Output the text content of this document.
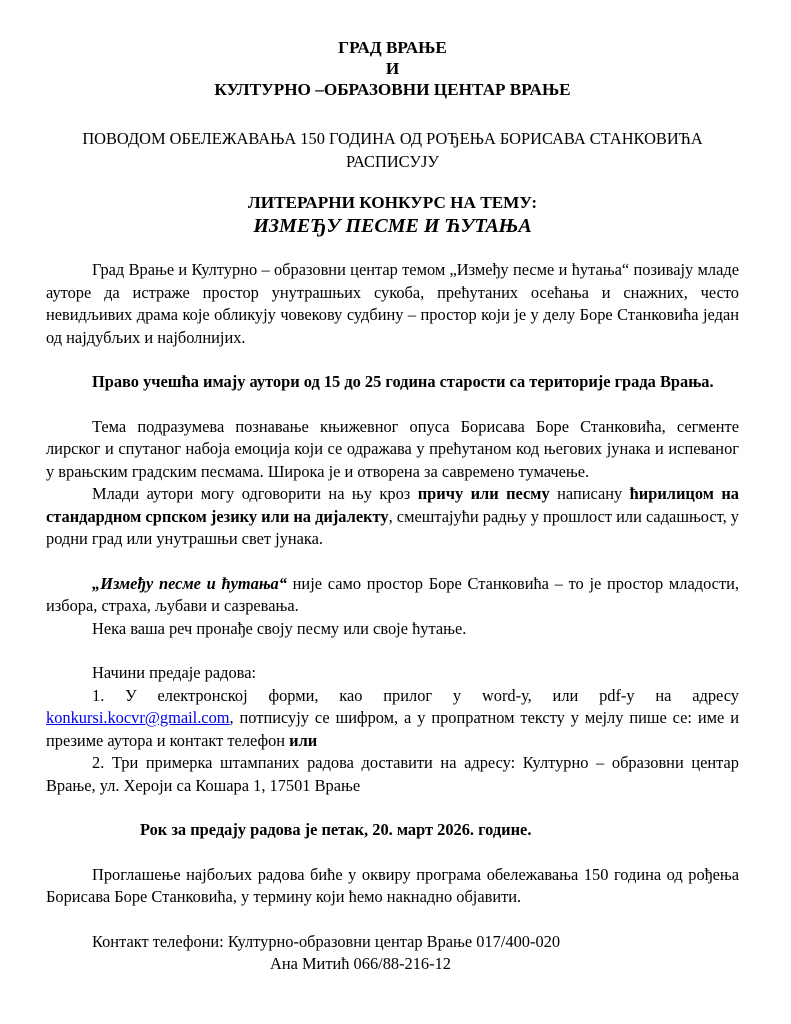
ГРАД ВРАЊЕ

И

КУЛТУРНО –ОБРАЗОВНИ ЦЕНТАР ВРАЊЕ

ПОВОДОМ ОБЕЛЕЖАВАЊА 150 ГОДИНА ОД РОЂЕЊА БОРИСАВА СТАНКОВИЋА

РАСПИСУЈУ

ЛИТЕРАРНИ КОНКУРС НА ТЕМУ:

ИЗМЕЂУ ПЕСМЕ И ЋУТАЊА

Град Врање и Културно – образовни центар темом „Између песме и ћутања“ позивају младе ауторе да истраже простор унутрашњих сукоба, прећутаних осећања и снажних, често невидљивих драма које обликују човекову судбину – простор који је у делу Боре Станковића један од најдубљих и најболнијих.

Право учешћа имају аутори од 15 до 25 година старости са територије града Врања.

Тема подразумева познавање књижевног опуса Борисава Боре Станковића, сегменте лирског и спутаног набоја емоција који се одражава у прећутаном код његових јунака и испеваног у врањским градским песмама. Широка је и отворена за савремено тумачење.

Млади аутори могу одговорити на њу кроз причу или песму написану ћирилицом на стандардном српском језику или на дијалекту, смештајући радњу у прошлост или садашњост, у родни град или унутрашњи свет јунака.

„Између песме и ћутања“ није само простор Боре Станковића – то је простор младости, избора, страха, љубави и сазревања.

Нека ваша реч пронађе своју песму или своје ћутање.

Начини предаје радова:

1. У електронској форми, као прилог у word-у, или pdf-у на адресу konkursi.kocvr@gmail.com, потписују се шифром, а у пропратном тексту у мејлу пише се: име и презиме аутора и контакт телефон или

2. Три примерка штампаних радова доставити на адресу: Културно – образовни центар Врање, ул. Хероји са Кошара 1, 17501 Врање

Рок за предају радова је петак, 20. март 2026. године.

Проглашење најбољих радова биће у оквиру програма обележавања 150 година од рођења Борисава Боре Станковића, у термину који ћемо накнадно објавити.

Контакт телефони: Културно-образовни центар Врање 017/400-020

Ана Митић 066/88-216-12
